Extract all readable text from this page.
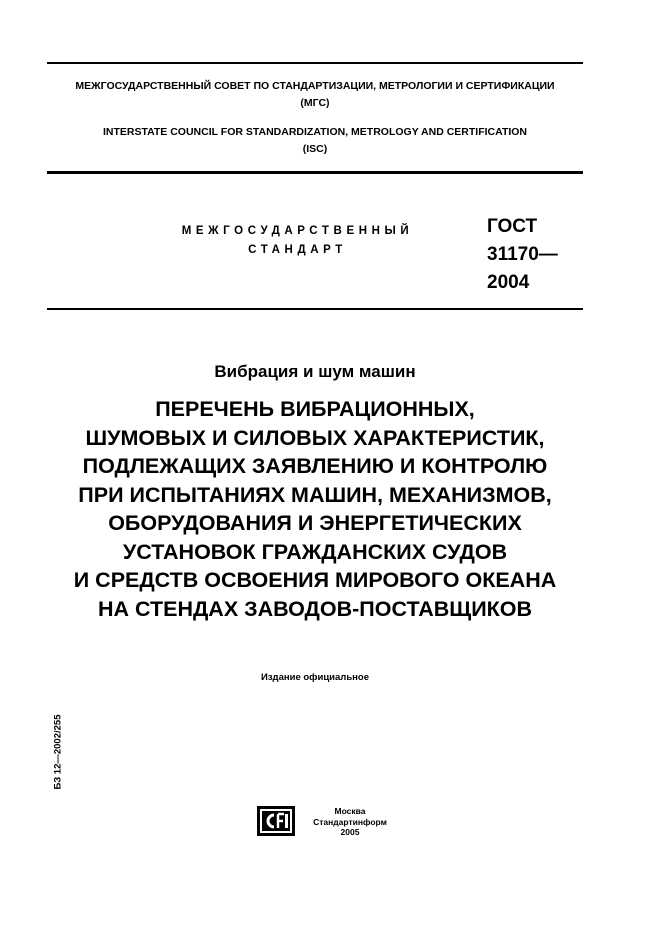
МЕЖГОСУДАРСТВЕННЫЙ СОВЕТ ПО СТАНДАРТИЗАЦИИ, МЕТРОЛОГИИ И СЕРТИФИКАЦИИ
(МГС)
INTERSTATE COUNCIL FOR STANDARDIZATION, METROLOGY AND CERTIFICATION
(ISC)
МЕЖГОСУДАРСТВЕННЫЙ
СТАНДАРТ
ГОСТ
31170—
2004
Вибрация и шум машин
ПЕРЕЧЕНЬ ВИБРАЦИОННЫХ,
ШУМОВЫХ И СИЛОВЫХ ХАРАКТЕРИСТИК,
ПОДЛЕЖАЩИХ ЗАЯВЛЕНИЮ И КОНТРОЛЮ
ПРИ ИСПЫТАНИЯХ МАШИН, МЕХАНИЗМОВ,
ОБОРУДОВАНИЯ И ЭНЕРГЕТИЧЕСКИХ
УСТАНОВОК ГРАЖДАНСКИХ СУДОВ
И СРЕДСТВ ОСВОЕНИЯ МИРОВОГО ОКЕАНА
НА СТЕНДАХ ЗАВОДОВ-ПОСТАВЩИКОВ
Издание официальное
БЗ 12—2002/255
Москва
Стандартинформ
2005
